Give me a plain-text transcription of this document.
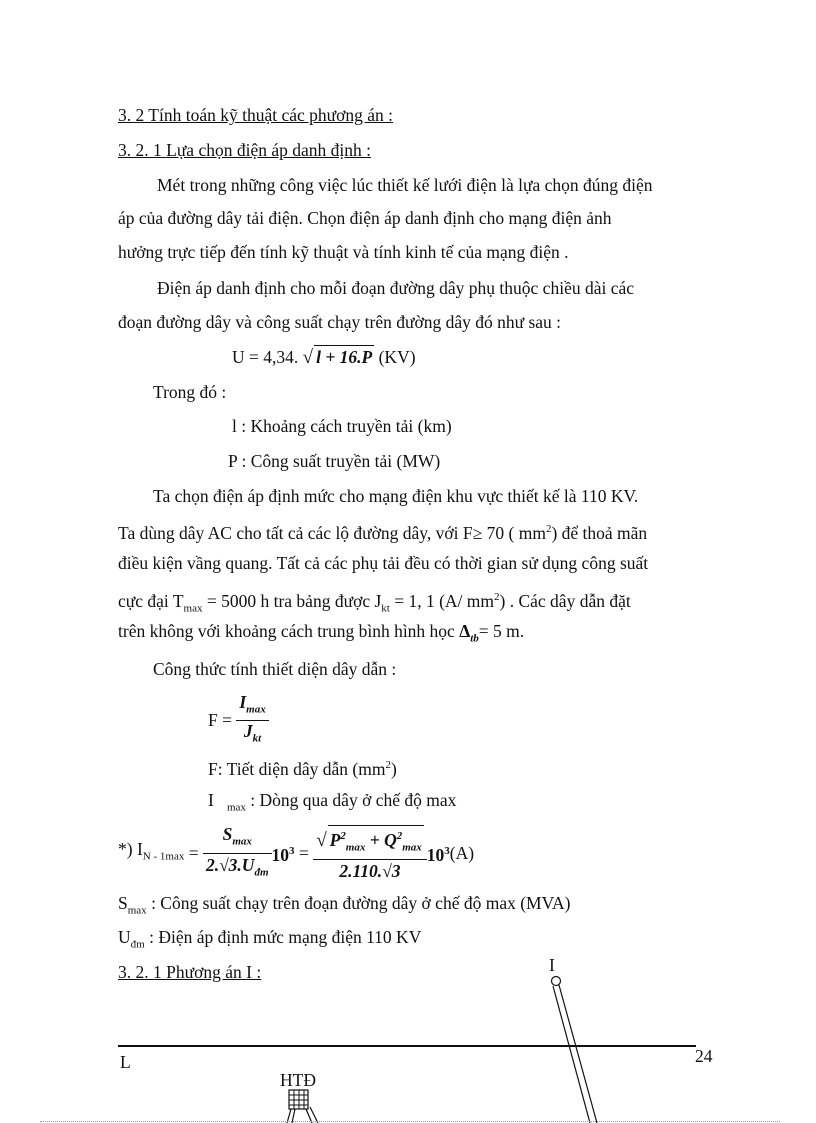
3. 2 Tính toán kỹ thuật các phương án :
3. 2. 1 Lựa chọn điện áp danh định :
Mét trong những công việc lúc thiết kế lưới điện là lựa chọn đúng điện
áp của đường dây tải điện. Chọn điện áp danh định cho mạng điện ảnh
hưởng trực tiếp đến tính kỹ thuật và tính kinh tế của mạng điện .
Điện áp danh định cho mỗi đoạn đường dây phụ thuộc chiều dài các
đoạn đường dây và công suất chạy trên đường dây đó như sau :
U = 4,34. √ l + 16.P (KV)
Trong đó :
l : Khoảng cách truyền tải (km)
P : Công suất truyền tải (MW)
Ta chọn điện áp định mức cho mạng điện khu vực thiết kế là 110 KV.
Ta dùng dây AC cho tất cả các lộ đường dây, với F≥ 70 ( $mm^2$) để thoả mãn
điều kiện vầng quang. Tất cả các phụ tải đều có thời gian sử dụng công suất
cực đại $T_{max} = 5000$ h tra bảng được $J_{kt} = 1$, 1 (A/ $mm^2$) . Các dây dẫn đặt
trên không với khoảng cách trung bình hình học $\Delta_{tb}= 5$ m.
Công thức tính thiết diện dây dẫn :
$F = \frac{I_{max}}{J_{kt}}$
F: Tiết diện dây dẫn $(mm^2)$
I $_{max}$ : Dòng qua dây ở chế độ max
*) $I_{N - 1max} = \frac{S_{max}}{2.√3.U_{đm}} 10^3 = \frac{√ P^2_{max} + Q^2_{max}}{2.110.√3} 10^3(A)$
$S_{max}$ : Công suất chạy trên đoạn đường dây ở chế độ max (MVA)
$U_{đm}$ : Điện áp định mức mạng điện 110 KV
3. 2. 1 Phương án I :	I
HTĐ
L	24
